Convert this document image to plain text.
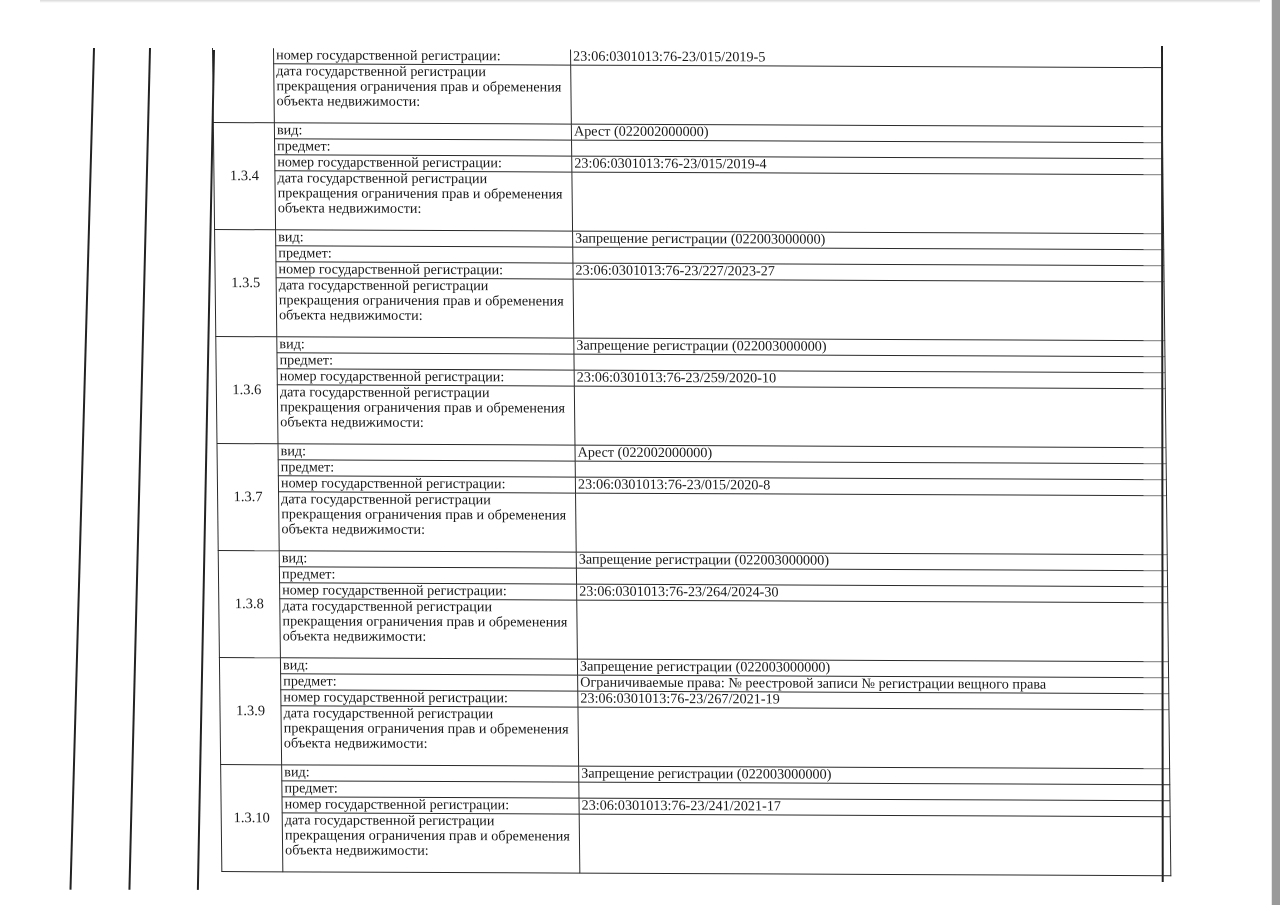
	номер государственной регистрации:	23:06:0301013:76-23/015/2019-5
	дата государственной регистрации прекращения ограничения прав и обременения объекта недвижимости:	
1.3.4	вид:	Арест (022002000000)
	предмет:	
	номер государственной регистрации:	23:06:0301013:76-23/015/2019-4
	дата государственной регистрации прекращения ограничения прав и обременения объекта недвижимости:	
1.3.5	вид:	Запрещение регистрации (022003000000)
	предмет:	
	номер государственной регистрации:	23:06:0301013:76-23/227/2023-27
	дата государственной регистрации прекращения ограничения прав и обременения объекта недвижимости:	
1.3.6	вид:	Запрещение регистрации (022003000000)
	предмет:	
	номер государственной регистрации:	23:06:0301013:76-23/259/2020-10
	дата государственной регистрации прекращения ограничения прав и обременения объекта недвижимости:	
1.3.7	вид:	Арест (022002000000)
	предмет:	
	номер государственной регистрации:	23:06:0301013:76-23/015/2020-8
	дата государственной регистрации прекращения ограничения прав и обременения объекта недвижимости:	
1.3.8	вид:	Запрещение регистрации (022003000000)
	предмет:	
	номер государственной регистрации:	23:06:0301013:76-23/264/2024-30
	дата государственной регистрации прекращения ограничения прав и обременения объекта недвижимости:	
1.3.9	вид:	Запрещение регистрации (022003000000)
	предмет:	Ограничиваемые права: № реестровой записи № регистрации вещного права
	номер государственной регистрации:	23:06:0301013:76-23/267/2021-19
	дата государственной регистрации прекращения ограничения прав и обременения объекта недвижимости:	
1.3.10	вид:	Запрещение регистрации (022003000000)
	предмет:	
	номер государственной регистрации:	23:06:0301013:76-23/241/2021-17
	дата государственной регистрации прекращения ограничения прав и обременения объекта недвижимости:	
